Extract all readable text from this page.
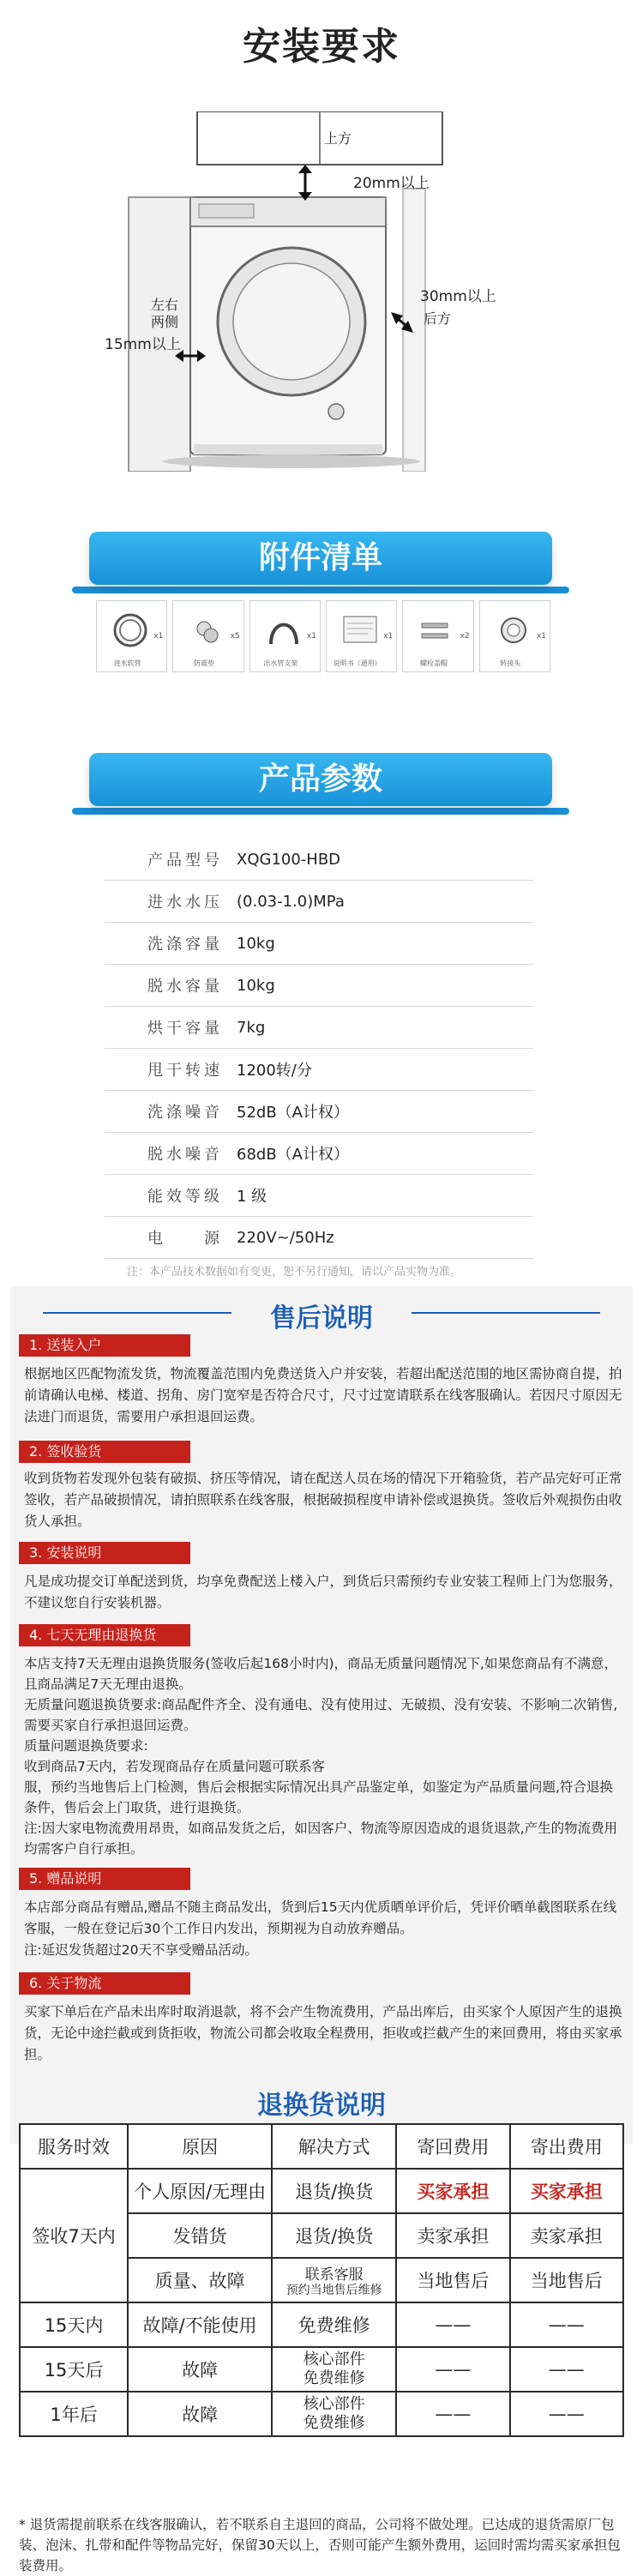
安装要求
上方
20mm以上
左右
两侧
15mm以上
30mm以上
后方
附件清单
x1
进水软管
x5
防震垫
x1
出水管支架
x1
说明书（通用）
x2
螺栓盖帽
x1
转接头
产品参数
产品型号 XQG100-HBD
进水水压 (0.03-1.0)MPa
洗涤容量 10kg
脱水容量 10kg
烘干容量 7kg
甩干转速 1200转/分
洗涤噪音 52dB（A计权）
脱水噪音 68dB（A计权）
能效等级 1 级
电　　源 220V~/50Hz
注：本产品技术数据如有变更，恕不另行通知，请以产品实物为准。
售后说明
1. 送装入户
根据地区匹配物流发货，物流覆盖范围内免费送货入户并安装，若超出配送范围的地区需协商自提，拍前请确认电梯、楼道、拐角、房门宽窄是否符合尺寸，尺寸过宽请联系在线客服确认。若因尺寸原因无法进门而退货，需要用户承担退回运费。
2. 签收验货
收到货物若发现外包装有破损、挤压等情况，请在配送人员在场的情况下开箱验货，若产品完好可正常签收，若产品破损情况，请拍照联系在线客服，根据破损程度申请补偿或退换货。签收后外观损伤由收货人承担。
3. 安装说明
凡是成功提交订单配送到货，均享免费配送上楼入户，到货后只需预约专业安装工程师上门为您服务，不建议您自行安装机器。
4. 七天无理由退换货
本店支持7天无理由退换货服务(签收后起168小时内)，商品无质量问题情况下,如果您商品有不满意，且商品满足7天无理由退换。
无质量问题退换货要求:商品配件齐全、没有通电、没有使用过、无破损、没有安装、不影响二次销售, 需要买家自行承担退回运费。
质量问题退换货要求:
收到商品7天内，若发现商品存在质量问题可联系客
服，预约当地售后上门检测，售后会根据实际情况出具产品鉴定单，如鉴定为产品质量问题,符合退换条件，售后会上门取货，进行退换货。
注:因大家电物流费用昂贵，如商品发货之后，如因客户、物流等原因造成的退货退款,产生的物流费用均需客户自行承担。
5. 赠品说明
本店部分商品有赠品,赠品不随主商品发出，货到后15天内优质晒单评价后，凭评价晒单截图联系在线客服，一般在登记后30个工作日内发出，预期视为自动放弃赠品。
注:延迟发货超过20天不享受赠品活动。
6. 关于物流
买家下单后在产品未出库时取消退款，将不会产生物流费用，产品出库后，由买家个人原因产生的退换货，无论中途拦截或到货拒收，物流公司都会收取全程费用，拒收或拦截产生的来回费用，将由买家承担。
退换货说明
服务时效	原因	解决方式	寄回费用	寄出费用
签收7天内	个人原因/无理由	退货/换货	买家承担	买家承担
	发错货	退货/换货	卖家承担	卖家承担
	质量、故障	联系客服
预约当地售后维修	当地售后	当地售后
15天内	故障/不能使用	免费维修	——	——
15天后	故障	核心部件
免费维修	——	——
1年后	故障	核心部件
免费维修	——	——
* 退货需提前联系在线客服确认，若不联系自主退回的商品，公司将不做处理。已达成的退货需原厂包装、泡沫、扎带和配件等物品完好，保留30天以上，否则可能产生额外费用，运回时需均需买家承担包装费用。
